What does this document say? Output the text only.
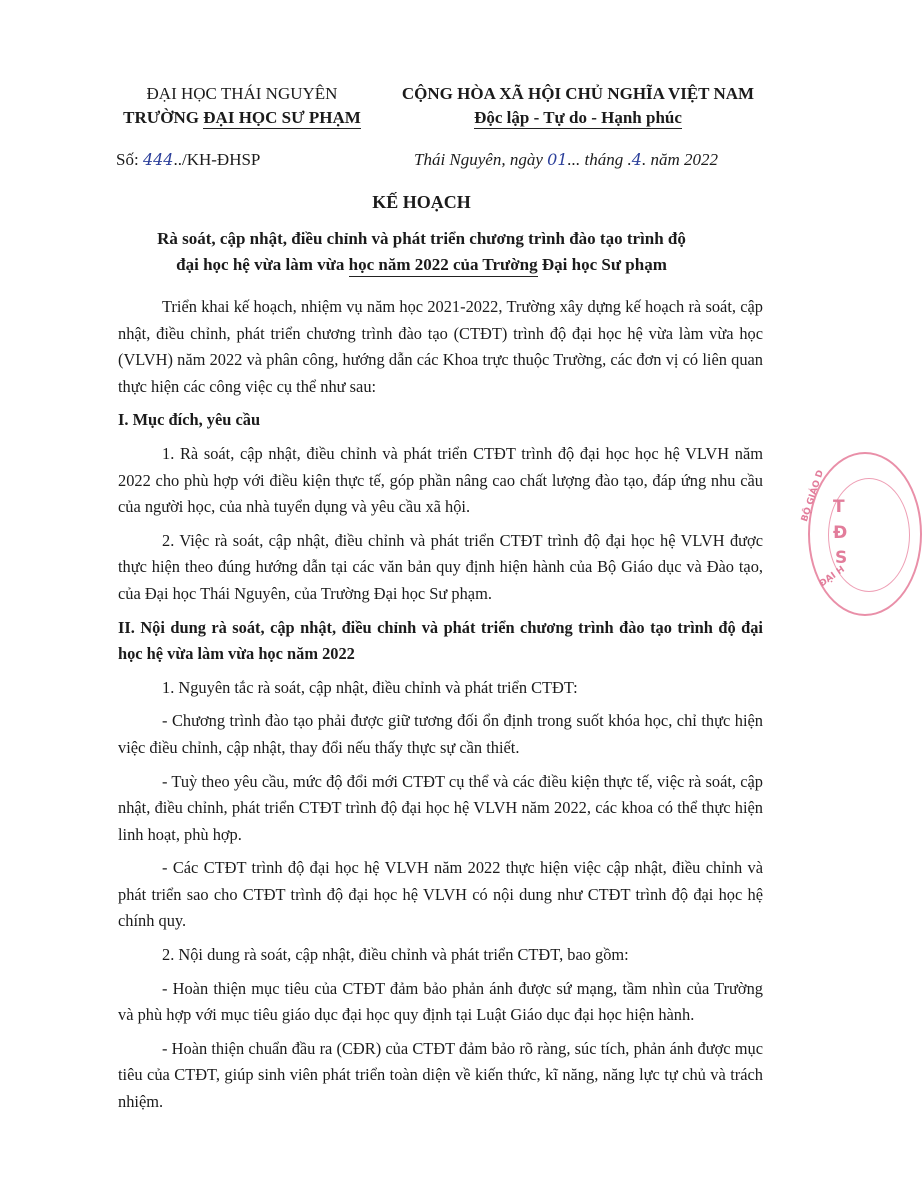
ĐẠI HỌC THÁI NGUYÊN
TRƯỜNG ĐẠI HỌC SƯ PHẠM
CỘNG HÒA XÃ HỘI CHỦ NGHĨA VIỆT NAM
Độc lập - Tự do - Hạnh phúc
Số: 444../KH-ĐHSP	Thái Nguyên, ngày 01... tháng .4. năm 2022
KẾ HOẠCH
Rà soát, cập nhật, điều chỉnh và phát triển chương trình đào tạo trình độ
đại học hệ vừa làm vừa học năm 2022 của Trường Đại học Sư phạm

Triển khai kế hoạch, nhiệm vụ năm học 2021-2022, Trường xây dựng kế hoạch rà soát, cập nhật, điều chỉnh, phát triển chương trình đào tạo (CTĐT) trình độ đại học hệ vừa làm vừa học (VLVH) năm 2022 và phân công, hướng dẫn các Khoa trực thuộc Trường, các đơn vị có liên quan thực hiện các công việc cụ thể như sau:

I. Mục đích, yêu cầu

1. Rà soát, cập nhật, điều chỉnh và phát triển CTĐT trình độ đại học học hệ VLVH năm 2022 cho phù hợp với điều kiện thực tế, góp phần nâng cao chất lượng đào tạo, đáp ứng nhu cầu của người học, của nhà tuyển dụng và yêu cầu xã hội.

2. Việc rà soát, cập nhật, điều chỉnh và phát triển CTĐT trình độ đại học hệ VLVH được thực hiện theo đúng hướng dẫn tại các văn bản quy định hiện hành của Bộ Giáo dục và Đào tạo, của Đại học Thái Nguyên, của Trường Đại học Sư phạm.

II. Nội dung rà soát, cập nhật, điều chỉnh và phát triển chương trình đào tạo trình độ đại học hệ vừa làm vừa học năm 2022

1. Nguyên tắc rà soát, cập nhật, điều chỉnh và phát triển CTĐT:

- Chương trình đào tạo phải được giữ tương đối ổn định trong suốt khóa học, chỉ thực hiện việc điều chỉnh, cập nhật, thay đổi nếu thấy thực sự cần thiết.

- Tuỳ theo yêu cầu, mức độ đổi mới CTĐT cụ thể và các điều kiện thực tế, việc rà soát, cập nhật, điều chỉnh, phát triển CTĐT trình độ đại học hệ VLVH năm 2022, các khoa có thể thực hiện linh hoạt, phù hợp.

- Các CTĐT trình độ đại học hệ VLVH năm 2022 thực hiện việc cập nhật, điều chỉnh và phát triển sao cho CTĐT trình độ đại học hệ VLVH có nội dung như CTĐT trình độ đại học hệ chính quy.

2. Nội dung rà soát, cập nhật, điều chỉnh và phát triển CTĐT, bao gồm:

- Hoàn thiện mục tiêu của CTĐT đảm bảo phản ánh được sứ mạng, tầm nhìn của Trường và phù hợp với mục tiêu giáo dục đại học quy định tại Luật Giáo dục đại học hiện hành.

- Hoàn thiện chuẩn đầu ra (CĐR) của CTĐT đảm bảo rõ ràng, súc tích, phản ánh được mục tiêu của CTĐT, giúp sinh viên phát triển toàn diện về kiến thức, kĩ năng, năng lực tự chủ và trách nhiệm.

BỘ GIÁO D T
Đ
S
ĐẠI H
